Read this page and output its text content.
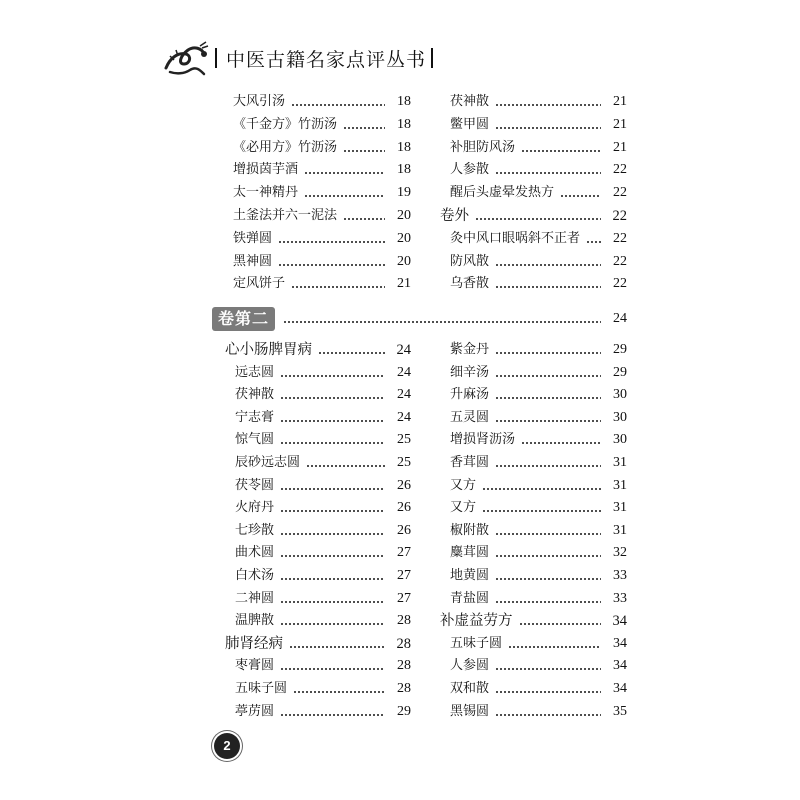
中医古籍名家点评丛书
大风引汤	18
《千金方》竹沥汤	18
《必用方》竹沥汤	18
增损茵芋酒	18
太一神精丹	19
土釜法并六一泥法	20
铁弹圆	20
黑神圆	20
定风饼子	21
茯神散	21
鳖甲圆	21
补胆防风汤	21
人参散	22
醒后头虚晕发热方	22
卷外	22
灸中风口眼㖞斜不正者	22
防风散	22
乌香散	22
心小肠脾胃病	24
远志圆	24
茯神散	24
宁志膏	24
惊气圆	25
辰砂远志圆	25
茯苓圆	26
火府丹	26
七珍散	26
曲术圆	27
白术汤	27
二神圆	27
温脾散	28
肺肾经病	28
枣膏圆	28
五味子圆	28
葶苈圆	29
紫金丹	29
细辛汤	29
升麻汤	30
五灵圆	30
增损肾沥汤	30
香茸圆	31
又方	31
又方	31
椒附散	31
麋茸圆	32
地黄圆	33
青盐圆	33
补虚益劳方	34
五味子圆	34
人参圆	34
双和散	34
黑锡圆	35
卷第二	24
2
